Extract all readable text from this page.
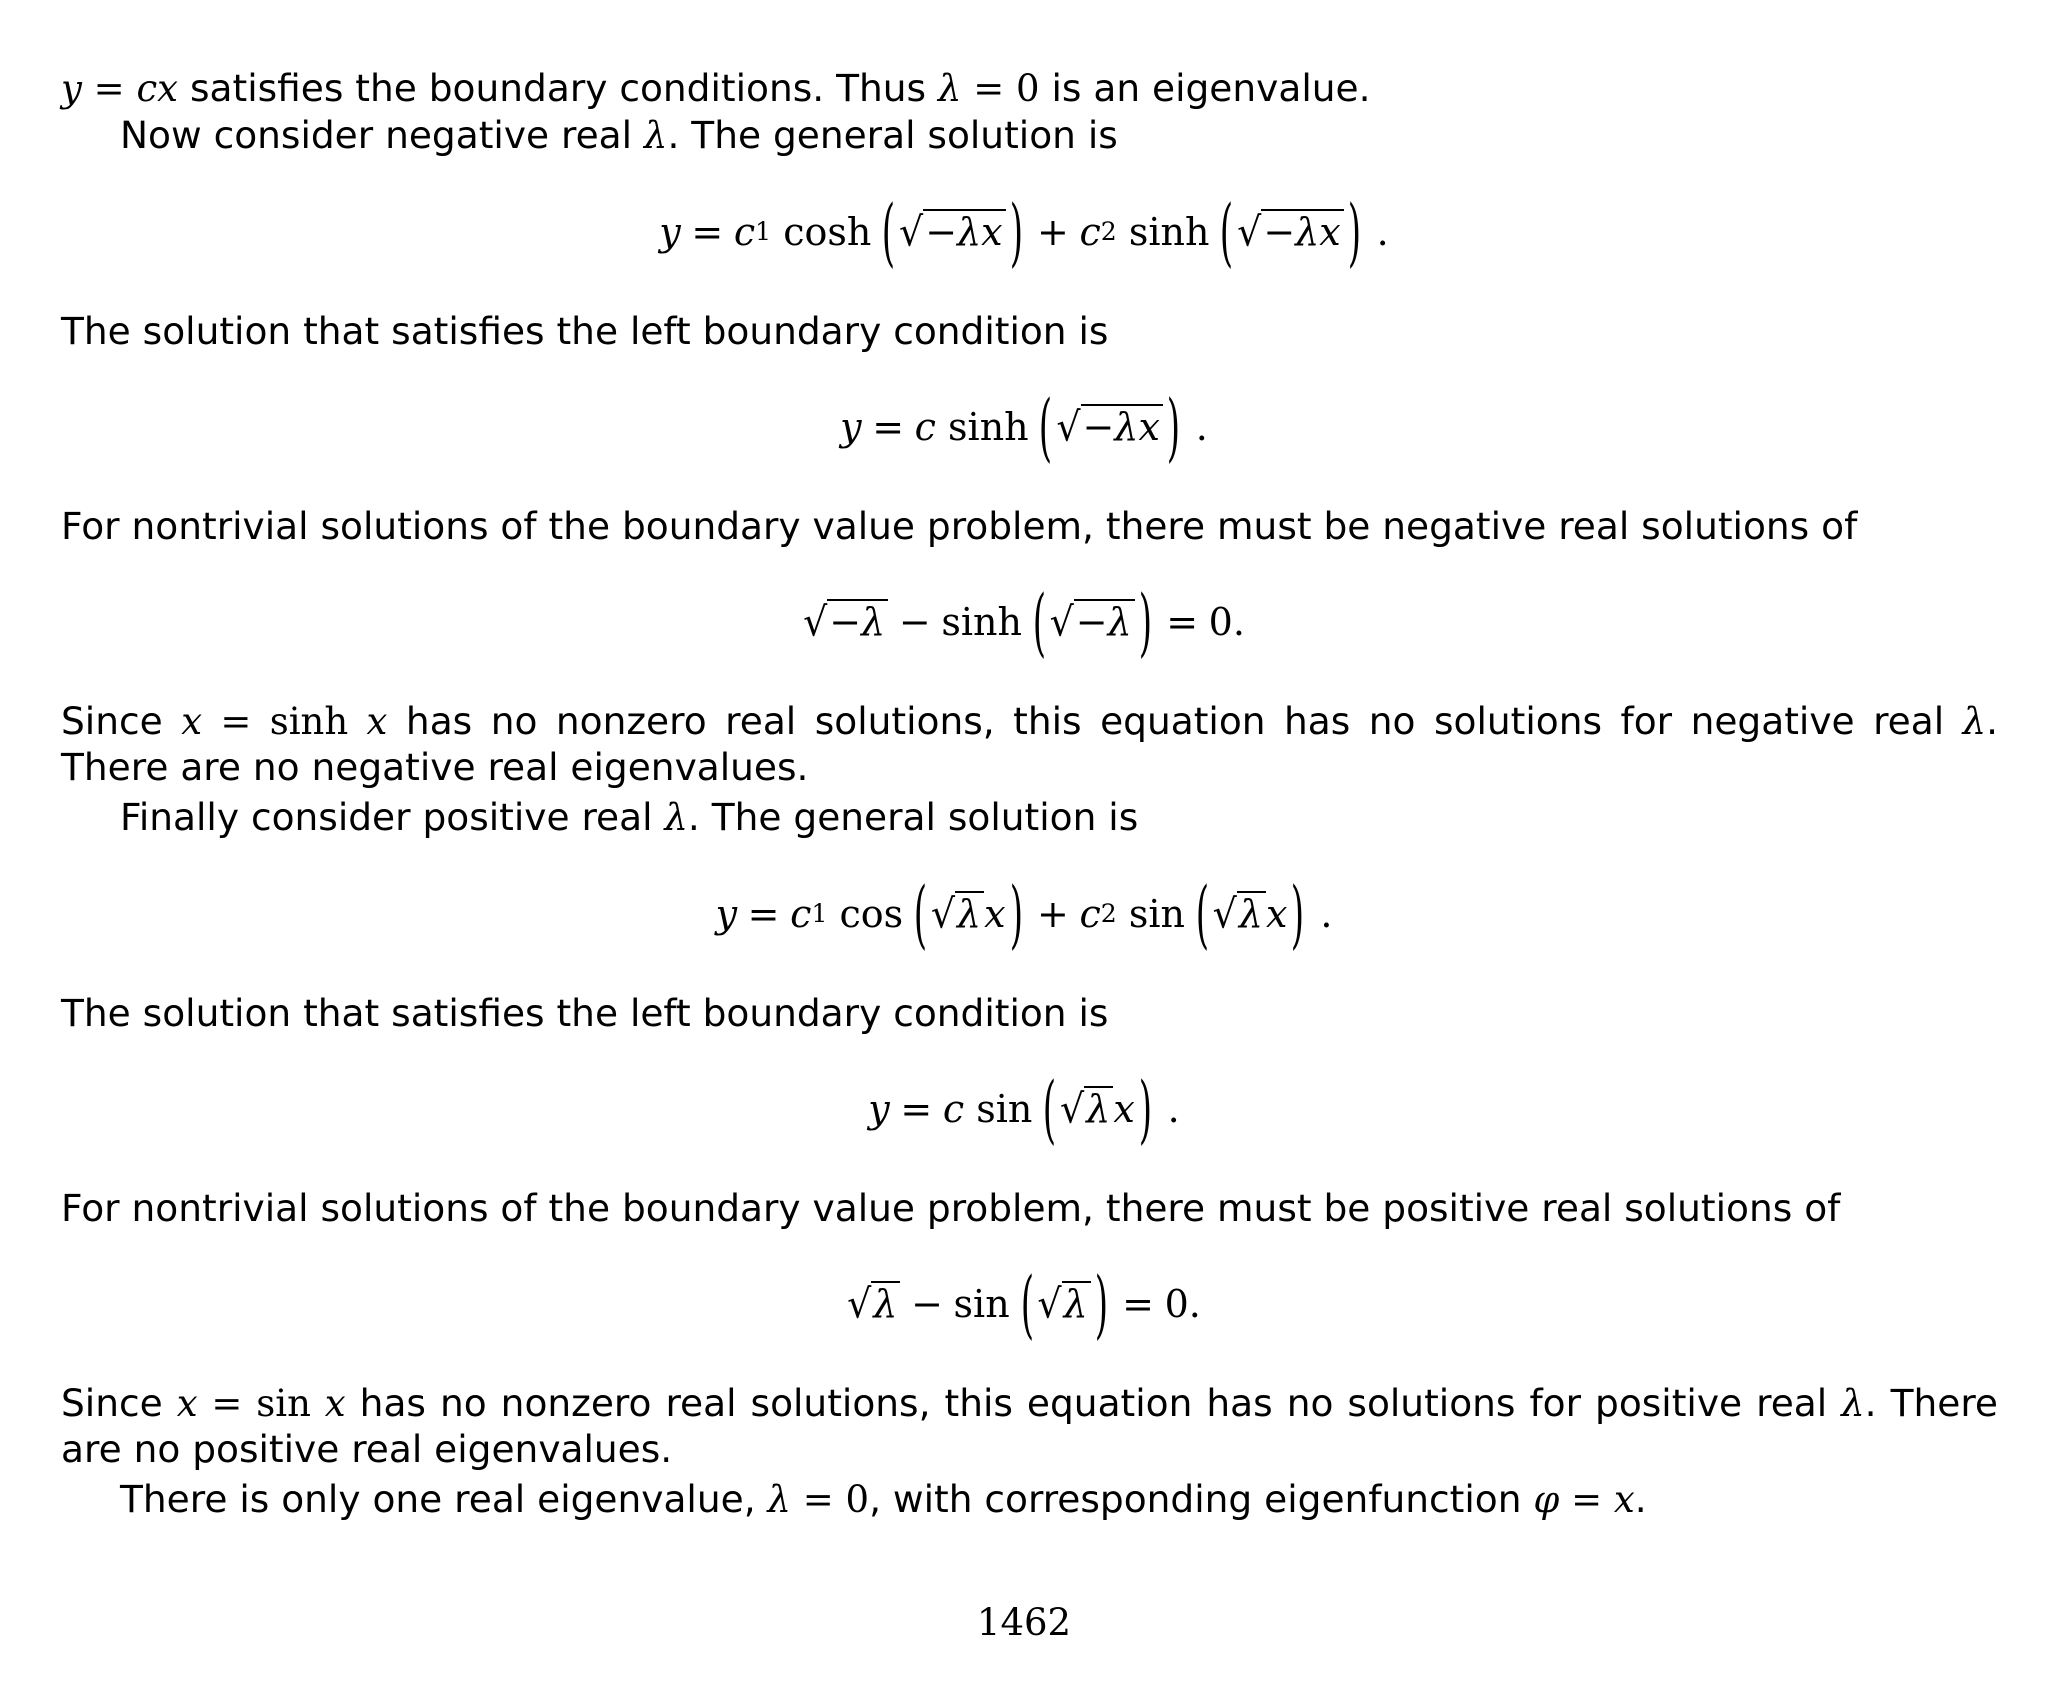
y = cx satisfies the boundary conditions. Thus λ = 0 is an eigenvalue.

Now consider negative real λ. The general solution is

y = c 1
cosh ( √ −λx ) + c 2
sinh ( √ −λx ) .

The solution that satisfies the left boundary condition is

y = c
sinh ( √ −λx ) .

For nontrivial solutions of the boundary value problem, there must be negative real solutions of

√ −λ − sinh ( √ −λ ) = 0.

Since x = sinh x has no nonzero real solutions, this equation has no solutions for negative real λ. There are no negative real eigenvalues.

Finally consider positive real λ. The general solution is

y = c 1
cos ( √ λ x ) + c 2
sin ( √ λ x ) .

The solution that satisfies the left boundary condition is

y = c
sin ( √ λ x ) .

For nontrivial solutions of the boundary value problem, there must be positive real solutions of

√ λ − sin ( √ λ ) = 0.

Since x = sin x has no nonzero real solutions, this equation has no solutions for positive real λ. There are no positive real eigenvalues.

There is only one real eigenvalue, λ = 0, with corresponding eigenfunction φ = x.

1462
